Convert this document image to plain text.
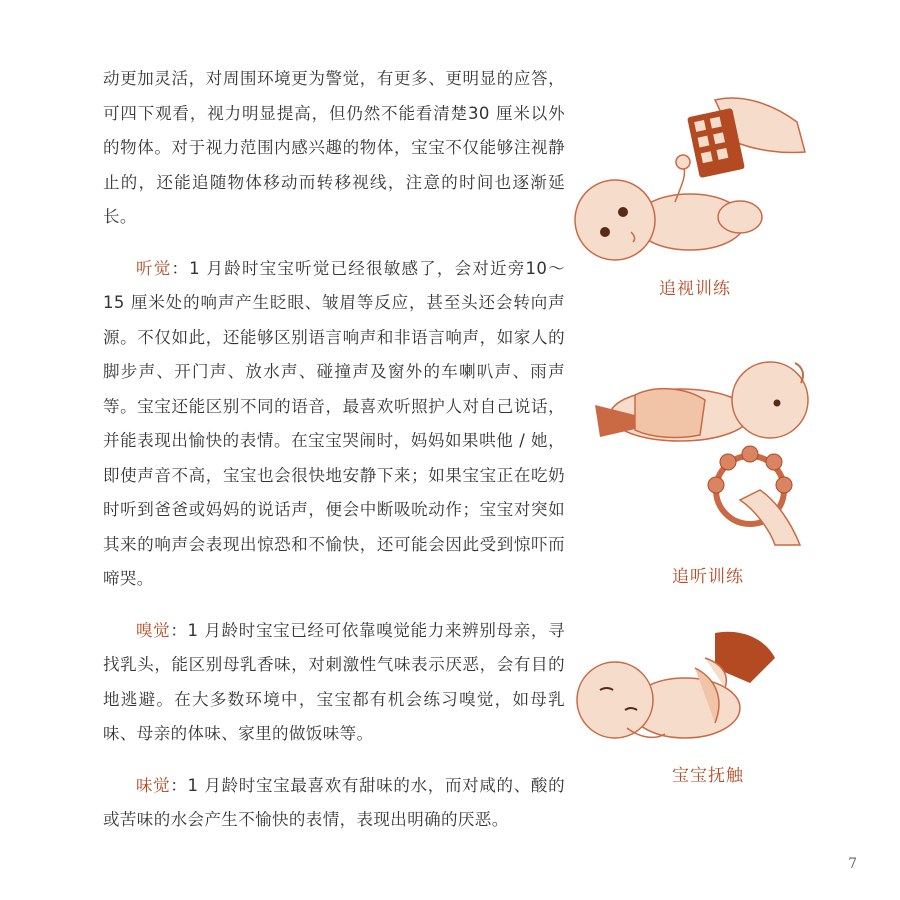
动更加灵活，对周围环境更为警觉，有更多、更明显的应答，可四下观看，视力明显提高，但仍然不能看清楚30 厘米以外的物体。对于视力范围内感兴趣的物体，宝宝不仅能够注视静止的，还能追随物体移动而转移视线，注意的时间也逐渐延长。

听觉：1 月龄时宝宝听觉已经很敏感了，会对近旁10～15 厘米处的响声产生眨眼、皱眉等反应，甚至头还会转向声源。不仅如此，还能够区别语言响声和非语言响声，如家人的脚步声、开门声、放水声、碰撞声及窗外的车喇叭声、雨声等。宝宝还能区别不同的语音，最喜欢听照护人对自己说话，并能表现出愉快的表情。在宝宝哭闹时，妈妈如果哄他 / 她，即使声音不高，宝宝也会很快地安静下来；如果宝宝正在吃奶时听到爸爸或妈妈的说话声，便会中断吸吮动作；宝宝对突如其来的响声会表现出惊恐和不愉快，还可能会因此受到惊吓而啼哭。

嗅觉：1 月龄时宝宝已经可依靠嗅觉能力来辨别母亲，寻找乳头，能区别母乳香味，对刺激性气味表示厌恶，会有目的地逃避。在大多数环境中，宝宝都有机会练习嗅觉，如母乳味、母亲的体味、家里的做饭味等。

味觉：1 月龄时宝宝最喜欢有甜味的水，而对咸的、酸的或苦味的水会产生不愉快的表情，表现出明确的厌恶。

追视训练
追听训练
宝宝抚触
7
